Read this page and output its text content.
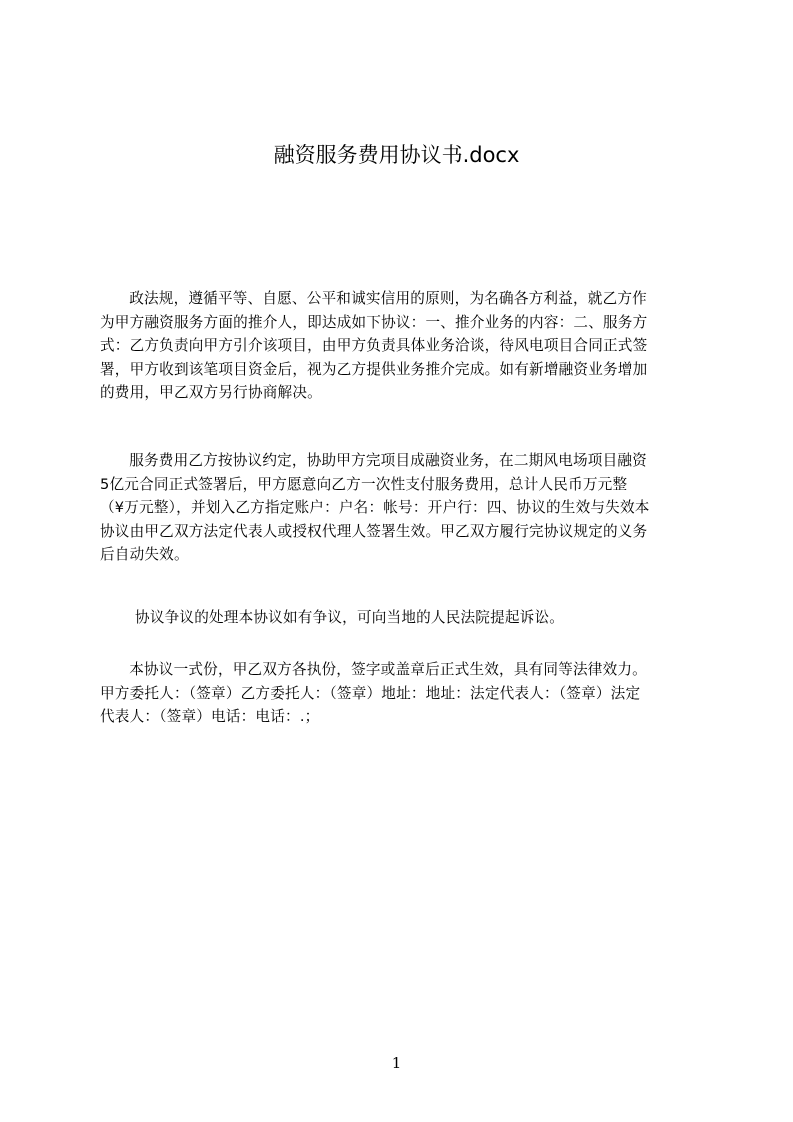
融资服务费用协议书.docx

政法规，遵循平等、自愿、公平和诚实信用的原则，为名确各方利益，就乙方作
为甲方融资服务方面的推介人，即达成如下协议：一、推介业务的内容：二、服务方
式：乙方负责向甲方引介该项目，由甲方负责具体业务洽谈，待风电项目合同正式签
署，甲方收到该笔项目资金后，视为乙方提供业务推介完成。如有新增融资业务增加
的费用，甲乙双方另行协商解决。

服务费用乙方按协议约定，协助甲方完项目成融资业务，在二期风电场项目融资
5亿元合同正式签署后，甲方愿意向乙方一次性支付服务费用，总计人民币万元整
（¥万元整），并划入乙方指定账户：户名：帐号：开户行：四、协议的生效与失效本
协议由甲乙双方法定代表人或授权代理人签署生效。甲乙双方履行完协议规定的义务
后自动失效。

协议争议的处理本协议如有争议，可向当地的人民法院提起诉讼。

本协议一式份，甲乙双方各执份，签字或盖章后正式生效，具有同等法律效力。
甲方委托人：（签章）乙方委托人：（签章）地址：地址：法定代表人：（签章）法定
代表人：（签章）电话：电话：.；

1
